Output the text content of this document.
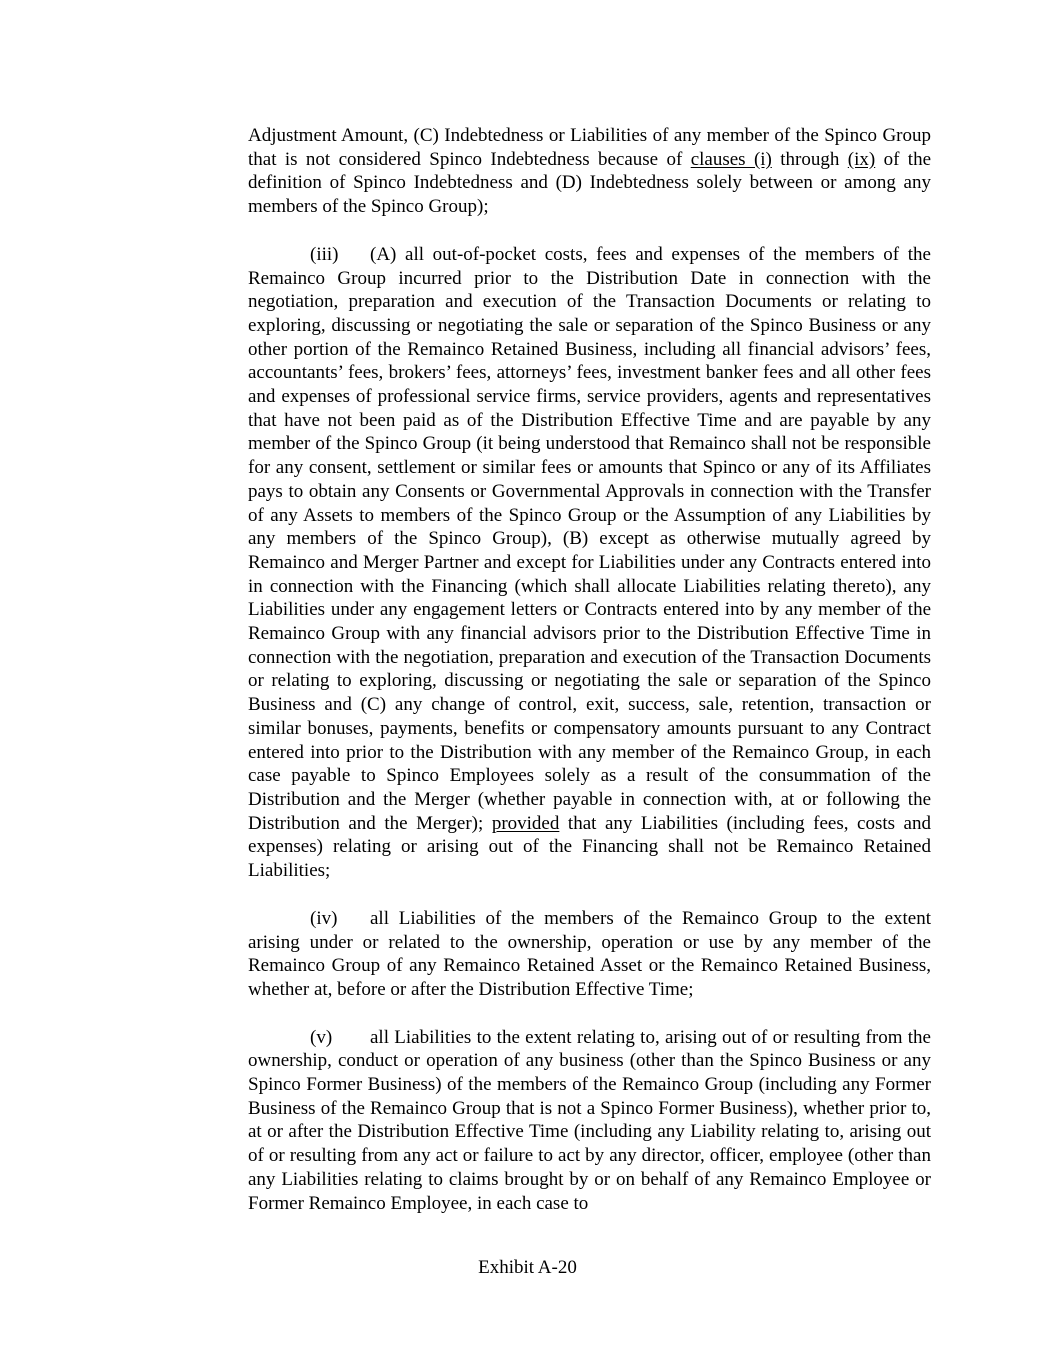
Adjustment Amount, (C) Indebtedness or Liabilities of any member of the Spinco Group that is not considered Spinco Indebtedness because of clauses (i) through (ix) of the definition of Spinco Indebtedness and (D) Indebtedness solely between or among any members of the Spinco Group);

(iii) (A) all out-of-pocket costs, fees and expenses of the members of the Remainco Group incurred prior to the Distribution Date in connection with the negotiation, preparation and execution of the Transaction Documents or relating to exploring, discussing or negotiating the sale or separation of the Spinco Business or any other portion of the Remainco Retained Business, including all financial advisors’ fees, accountants’ fees, brokers’ fees, attorneys’ fees, investment banker fees and all other fees and expenses of professional service firms, service providers, agents and representatives that have not been paid as of the Distribution Effective Time and are payable by any member of the Spinco Group (it being understood that Remainco shall not be responsible for any consent, settlement or similar fees or amounts that Spinco or any of its Affiliates pays to obtain any Consents or Governmental Approvals in connection with the Transfer of any Assets to members of the Spinco Group or the Assumption of any Liabilities by any members of the Spinco Group), (B) except as otherwise mutually agreed by Remainco and Merger Partner and except for Liabilities under any Contracts entered into in connection with the Financing (which shall allocate Liabilities relating thereto), any Liabilities under any engagement letters or Contracts entered into by any member of the Remainco Group with any financial advisors prior to the Distribution Effective Time in connection with the negotiation, preparation and execution of the Transaction Documents or relating to exploring, discussing or negotiating the sale or separation of the Spinco Business and (C) any change of control, exit, success, sale, retention, transaction or similar bonuses, payments, benefits or compensatory amounts pursuant to any Contract entered into prior to the Distribution with any member of the Remainco Group, in each case payable to Spinco Employees solely as a result of the consummation of the Distribution and the Merger (whether payable in connection with, at or following the Distribution and the Merger); provided that any Liabilities (including fees, costs and expenses) relating or arising out of the Financing shall not be Remainco Retained Liabilities;

(iv) all Liabilities of the members of the Remainco Group to the extent arising under or related to the ownership, operation or use by any member of the Remainco Group of any Remainco Retained Asset or the Remainco Retained Business, whether at, before or after the Distribution Effective Time;

(v) all Liabilities to the extent relating to, arising out of or resulting from the ownership, conduct or operation of any business (other than the Spinco Business or any Spinco Former Business) of the members of the Remainco Group (including any Former Business of the Remainco Group that is not a Spinco Former Business), whether prior to, at or after the Distribution Effective Time (including any Liability relating to, arising out of or resulting from any act or failure to act by any director, officer, employee (other than any Liabilities relating to claims brought by or on behalf of any Remainco Employee or Former Remainco Employee, in each case to

Exhibit A-20
